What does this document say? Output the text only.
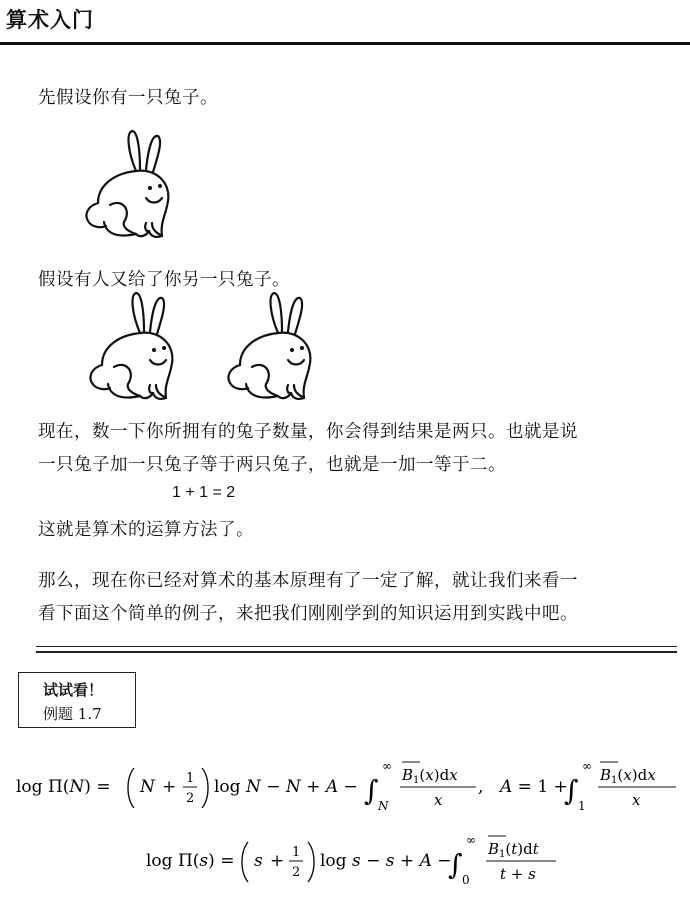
算术入门
先假设你有一只兔子。
假设有人又给了你另一只兔子。
现在，数一下你所拥有的兔子数量，你会得到结果是两只。也就是说
一只兔子加一只兔子等于两只兔子，也就是一加一等于二。
1 + 1 = 2
这就是算术的运算方法了。
那么，现在你已经对算术的基本原理有了一定了解，就让我们来看一
看下面这个简单的例子，来把我们刚刚学到的知识运用到实践中吧。
试试看！
例题 1.7
log Π(N) = N + 1
2
log N − N + A − ∫
∞
N
$B_1(x)dx$
x
, A = 1 +
∫
∞
1
$B_1(x)dx$
x
log Π(s) = s + 1
2
log s − s + A −
∫
∞
0
$B_1(t)dt$
t + s
